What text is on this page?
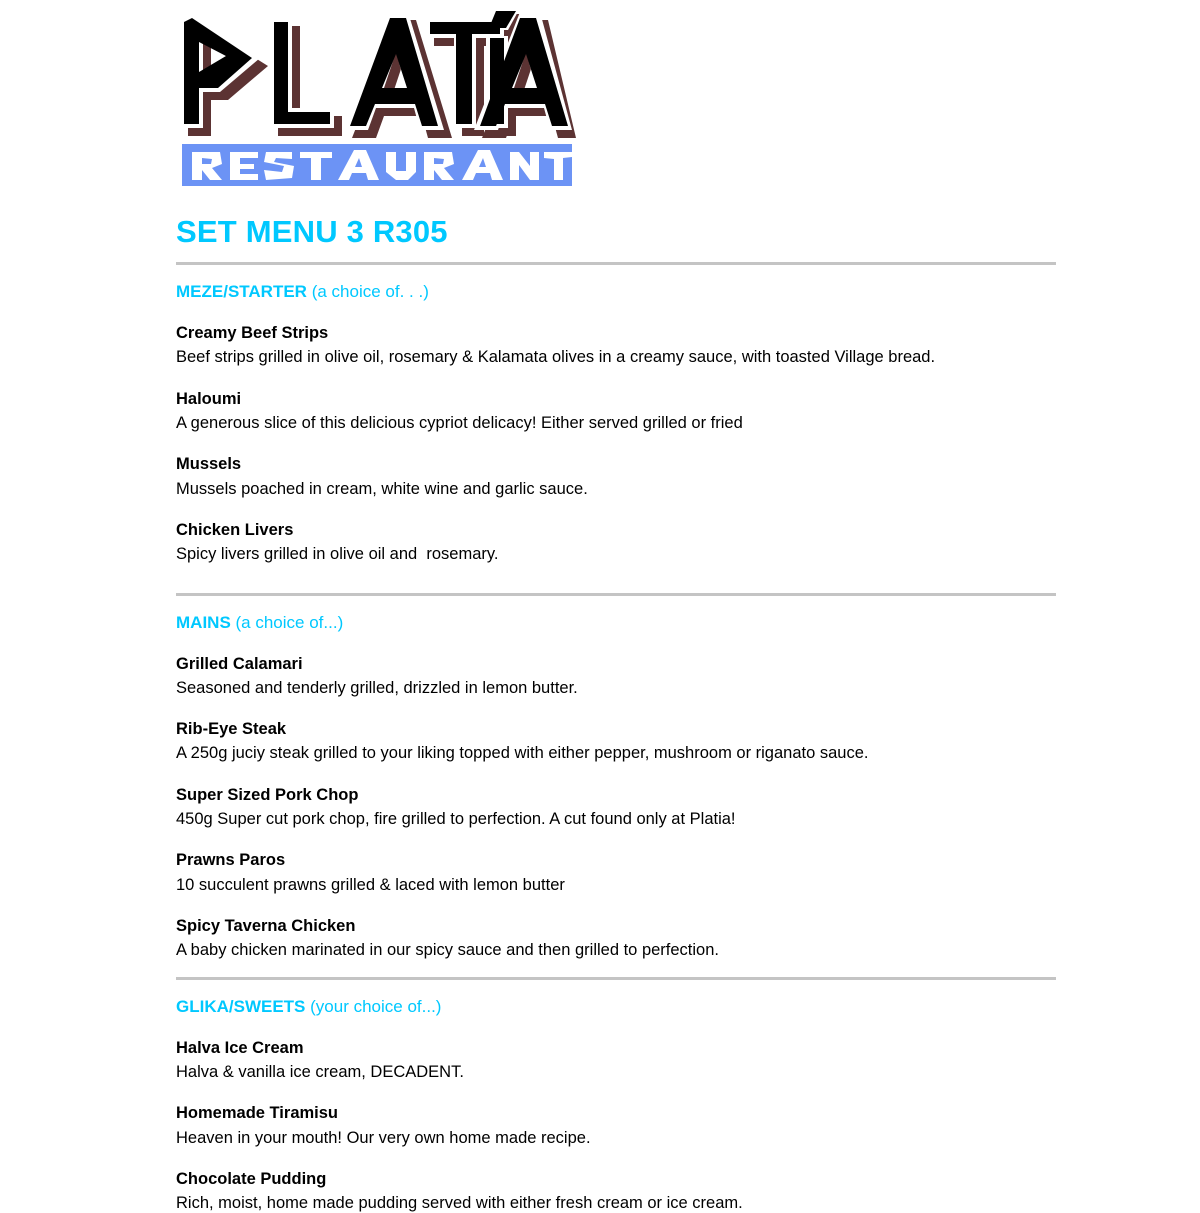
SET MENU 3 R305
MEZE/STARTER (a choice of. . .)
Creamy Beef Strips
Beef strips grilled in olive oil, rosemary & Kalamata olives in a creamy sauce, with toasted Village bread.
Haloumi
A generous slice of this delicious cypriot delicacy! Either served grilled or fried
Mussels
Mussels poached in cream, white wine and garlic sauce.
Chicken Livers
Spicy livers grilled in olive oil and  rosemary.
MAINS (a choice of...)
Grilled Calamari
Seasoned and tenderly grilled, drizzled in lemon butter.
Rib-Eye Steak
A 250g juciy steak grilled to your liking topped with either pepper, mushroom or riganato sauce.
Super Sized Pork Chop
450g Super cut pork chop, fire grilled to perfection. A cut found only at Platia!
Prawns Paros
10 succulent prawns grilled & laced with lemon butter
Spicy Taverna Chicken
A baby chicken marinated in our spicy sauce and then grilled to perfection.
GLIKA/SWEETS (your choice of...)
Halva Ice Cream
Halva & vanilla ice cream, DECADENT.
Homemade Tiramisu
Heaven in your mouth! Our very own home made recipe.
Chocolate Pudding
Rich, moist, home made pudding served with either fresh cream or ice cream.
